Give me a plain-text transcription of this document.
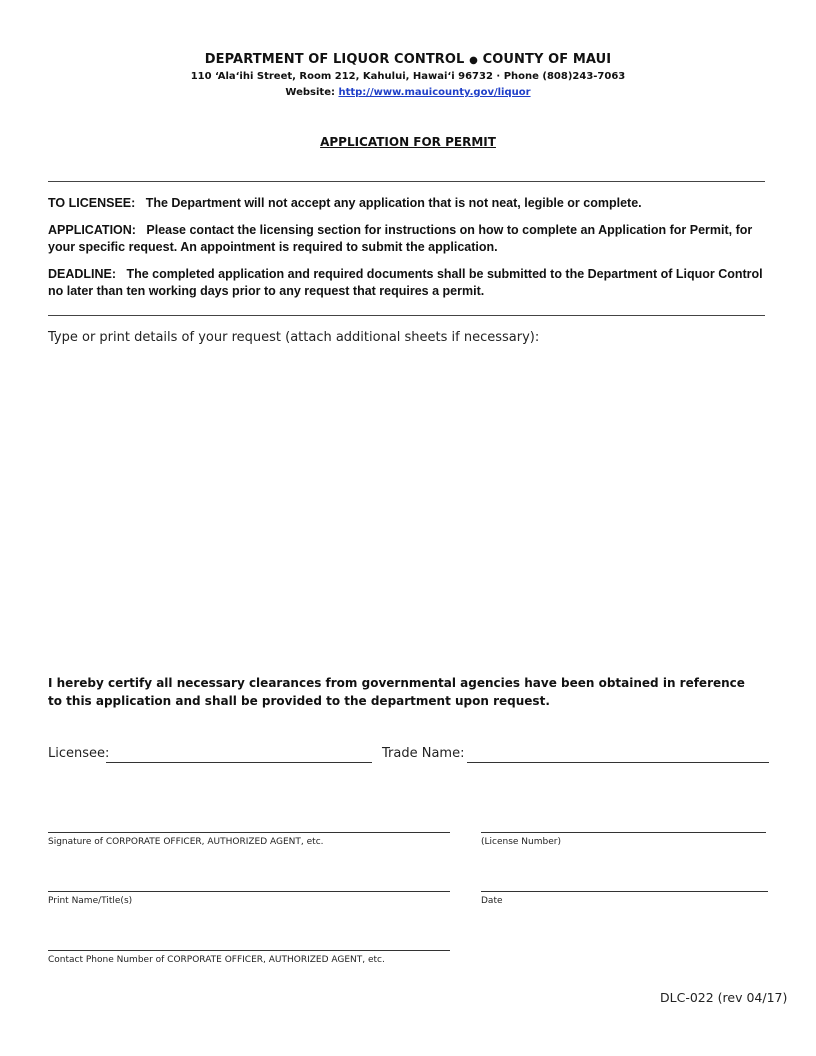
DEPARTMENT OF LIQUOR CONTROL ● COUNTY OF MAUI
110 ‘Ala‘ihi Street, Room 212, Kahului, Hawai‘i 96732 · Phone (808)243-7063
Website: http://www.mauicounty.gov/liquor
APPLICATION FOR PERMIT
TO LICENSEE: The Department will not accept any application that is not neat, legible or complete.
APPLICATION: Please contact the licensing section for instructions on how to complete an Application for Permit, for your specific request. An appointment is required to submit the application.
DEADLINE: The completed application and required documents shall be submitted to the Department of Liquor Control no later than ten working days prior to any request that requires a permit.
Type or print details of your request (attach additional sheets if necessary):
I hereby certify all necessary clearances from governmental agencies have been obtained in reference to this application and shall be provided to the department upon request.
Licensee:	Trade Name:
Signature of CORPORATE OFFICER, AUTHORIZED AGENT, etc.	(License Number)
Print Name/Title(s)	Date
Contact Phone Number of CORPORATE OFFICER, AUTHORIZED AGENT, etc.
DLC-022 (rev 04/17)
